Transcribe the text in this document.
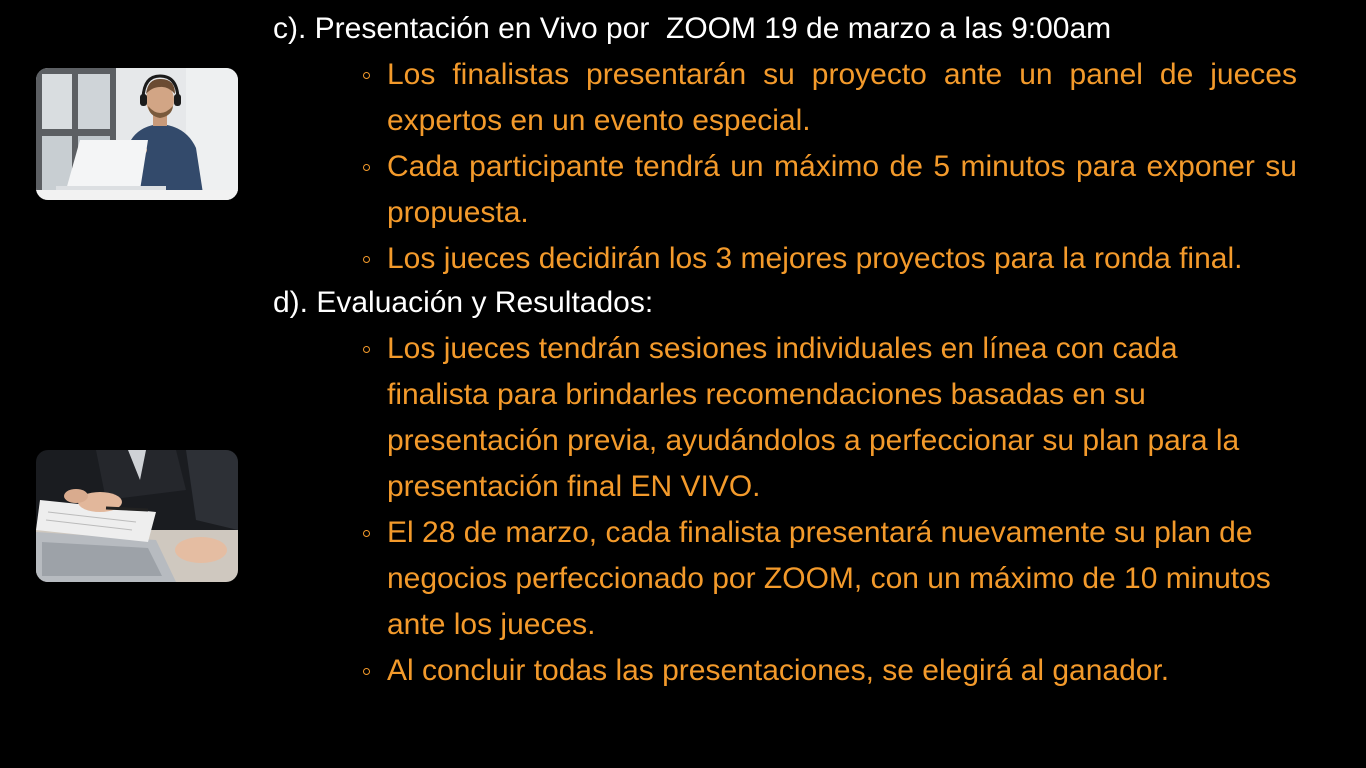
c). Presentación en Vivo por  ZOOM 19 de marzo a las 9:00am

Los finalistas presentarán su proyecto ante un panel de jueces expertos en un evento especial.
Cada participante tendrá un máximo de 5 minutos para exponer su propuesta.
Los jueces decidirán los 3 mejores proyectos para la ronda final.

d). Evaluación y Resultados:

Los jueces tendrán sesiones individuales en línea con cada finalista para brindarles recomendaciones basadas en su presentación previa, ayudándolos a perfeccionar su plan para la presentación final EN VIVO.
El 28 de marzo, cada finalista presentará nuevamente su plan de negocios perfeccionado por ZOOM, con un máximo de 10 minutos ante los jueces.
Al concluir todas las presentaciones, se elegirá al ganador.
